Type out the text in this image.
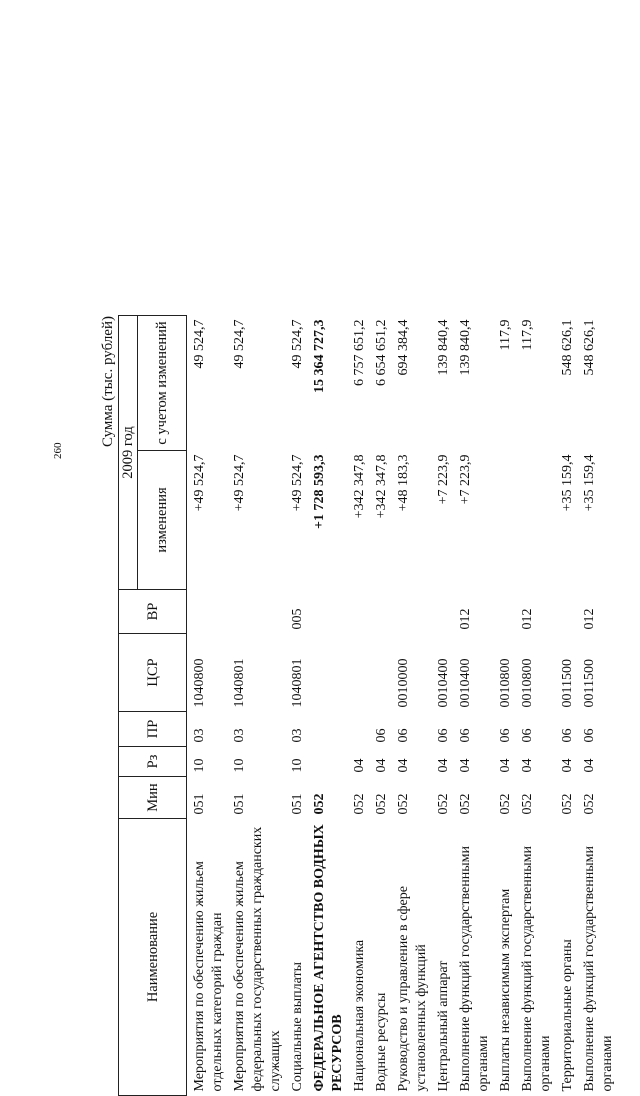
260
Сумма (тыс. рублей)
Наименование	Мин	Рз	ПР	ЦСР	ВР	2009 год	
						изменения	с учетом изменений
Мероприятия по обеспечению жильем отдельных категорий граждан	051	10	03	1040800		+49 524,7	49 524,7
Мероприятия по обеспечению жильем федеральных государственных гражданских служащих	051	10	03	1040801		+49 524,7	49 524,7
Социальные выплаты	051	10	03	1040801	005	+49 524,7	49 524,7
ФЕДЕРАЛЬНОЕ АГЕНТСТВО ВОДНЫХ РЕСУРСОВ	052					+1 728 593,3	15 364 727,3
Национальная экономика	052	04				+342 347,8	6 757 651,2
Водные ресурсы	052	04	06			+342 347,8	6 654 651,2
Руководство и управление в сфере установленных функций	052	04	06	0010000		+48 183,3	694 384,4
Центральный аппарат	052	04	06	0010400		+7 223,9	139 840,4
Выполнение функций государственными органами	052	04	06	0010400	012	+7 223,9	139 840,4
Выплаты независимым экспертам	052	04	06	0010800			117,9
Выполнение функций государственными органами	052	04	06	0010800	012		117,9
Территориальные органы	052	04	06	0011500		+35 159,4	548 626,1
Выполнение функций государственными органами	052	04	06	0011500	012	+35 159,4	548 626,1
